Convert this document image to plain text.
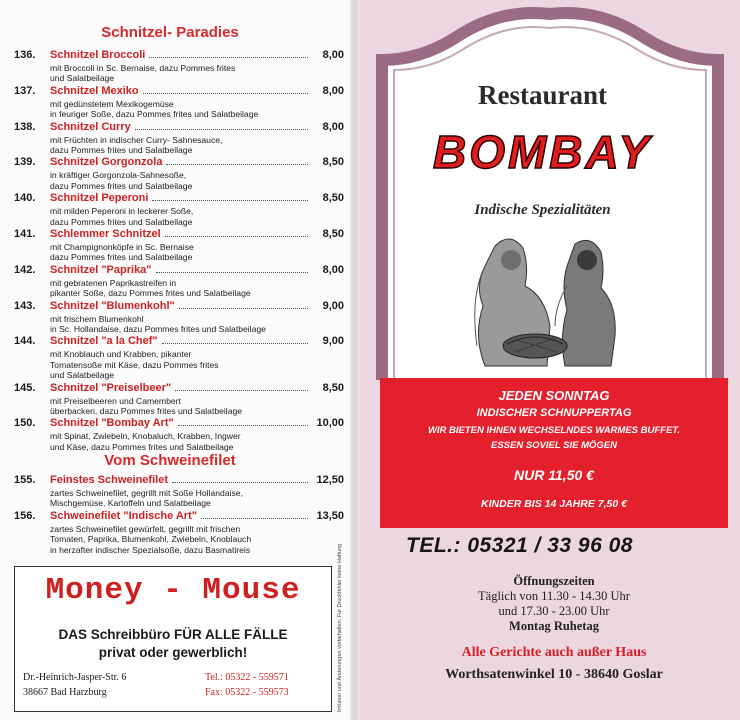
Schnitzel- Paradies
136.	Schnitzel Broccoli	8,00
mit Broccoli in Sc. Bernaise, dazu Pommes frites
und Salatbeilage
137.	Schnitzel Mexiko	8,00
mit gedünstetem Mexikogemüse
in feuriger Soße, dazu Pommes frites und Salatbeilage
138.	Schnitzel Curry	8,00
mit Früchten in indischer Curry- Sahnesauce,
dazu Pommes frites und Salatbeilage
139.	Schnitzel Gorgonzola	8,50
in kräftiger Gorgonzola-Sahnesoße,
dazu Pommes frites und Salatbeilage
140.	Schnitzel Peperoni	8,50
mit milden Peperoni in leckerer Soße,
dazu Pommes frites und Salatbeilage
141.	Schlemmer Schnitzel	8,50
mit Champignonköpfe in Sc. Bernaise
dazu Pommes frites und Salatbeilage
142.	Schnitzel "Paprika"	8,00
mit gebratenen Paprikastreifen in
pikanter Soße, dazu Pommes frites und Salatbeilage
143.	Schnitzel "Blumenkohl"	9,00
mit frischem Blumenkohl
in Sc. Hollandaise, dazu Pommes frites und Salatbeilage
144.	Schnitzel "a la Chef"	9,00
mit Knoblauch und Krabben, pikanter
Tomatensoße mit Käse, dazu Pommes frites
und Salatbeilage
145.	Schnitzel "Preiselbeer"	8,50
mit Preiselbeeren und Camembert
überbacken, dazu Pommes frites und Salatbeilage
150.	Schnitzel "Bombay Art"	10,00
mit Spinat, Zwiebeln, Knobaluch, Krabben, Ingwer
und Käse, dazu Pommes frites und Salatbeilage
Vom Schweinefilet
155.	Feinstes Schweinefilet	12,50
zartes Schweinefilet, gegrillt mit Soße Hollandaise,
Mischgemüse, Kartoffeln und Salatbeilage
156.	Schweinefilet "Indische Art"	13,50
zartes Schweinefilet gewürfelt, gegrillt mit frischen
Tomaten, Paprika, Blumenkohl, Zwiebeln, Knoblauch
in herzafter indischer Spezialsoße, dazu Basmatireis
Money - Mouse
DAS Schreibbüro FÜR ALLE FÄLLE
privat oder gewerblich!
Dr.-Heinrich-Jasper-Str. 6
38667 Bad Harzburg
Tel.: 05322 - 559571
Fax: 05322 - 559573	Irrtümer und Änderungen vorbehalten. Für Druckfehler keine Haftung
Restaurant
BOMBAY
Indische Spezialitäten
JEDEN SONNTAG
INDISCHER SCHNUPPERTAG
WIR BIETEN IHNEN WECHSELNDES WARMES BUFFET.
ESSEN SOVIEL SIE MÖGEN
NUR 11,50 €
KINDER BIS 14 JAHRE 7,50 €
TEL.: 05321 / 33 96 08
Öffnungszeiten
Täglich von 11.30 - 14.30 Uhr
und 17.30 - 23.00 Uhr
Montag Ruhetag
Alle Gerichte auch außer Haus
Worthsatenwinkel 10 - 38640 Goslar
